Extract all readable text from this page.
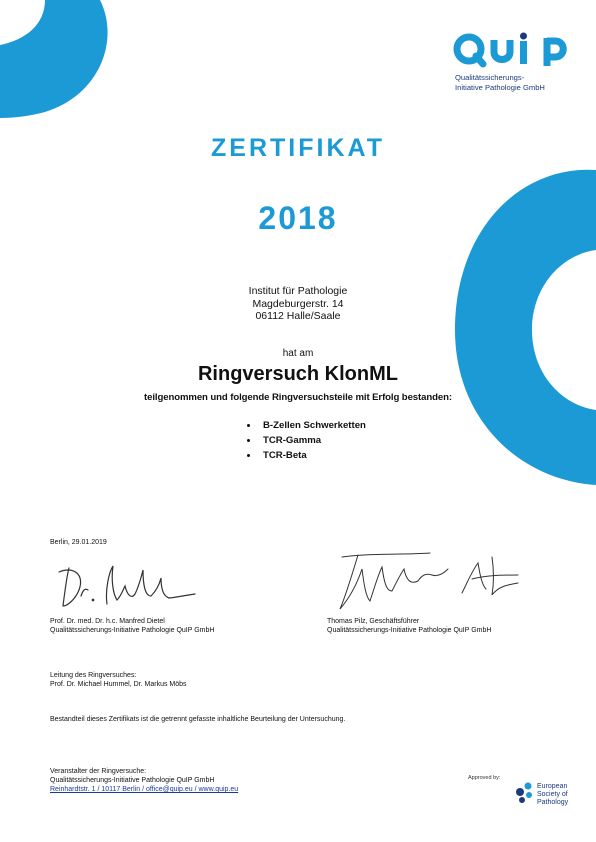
QuiP
Qualitätssicherungs-
Initiative Pathologie GmbH
ZERTIFIKAT
2018
Institut für Pathologie
Magdeburgerstr. 14
06112 Halle/Saale
hat am
Ringversuch KlonML
teilgenommen und folgende Ringversuchsteile mit Erfolg bestanden:
B-Zellen Schwerketten
TCR-Gamma
TCR-Beta
Berlin, 29.01.2019
Prof. Dr. med. Dr. h.c. Manfred Dietel
Qualitätssicherungs-Initiative Pathologie QuIP GmbH
Thomas Pilz, Geschäftsführer
Qualitätssicherungs-Initiative Pathologie QuIP GmbH
Leitung des Ringversuches:
Prof. Dr. Michael Hummel, Dr. Markus Möbs
Bestandteil dieses Zertifikats ist die getrennt gefasste inhaltliche Beurteilung der Untersuchung.
Veranstalter der Ringversuche:
Qualitätssicherungs-Initiative Pathologie QuIP GmbH
Reinhardtstr. 1 / 10117 Berlin / office@quip.eu / www.quip.eu
Approved by:
European
Society of
Pathology
